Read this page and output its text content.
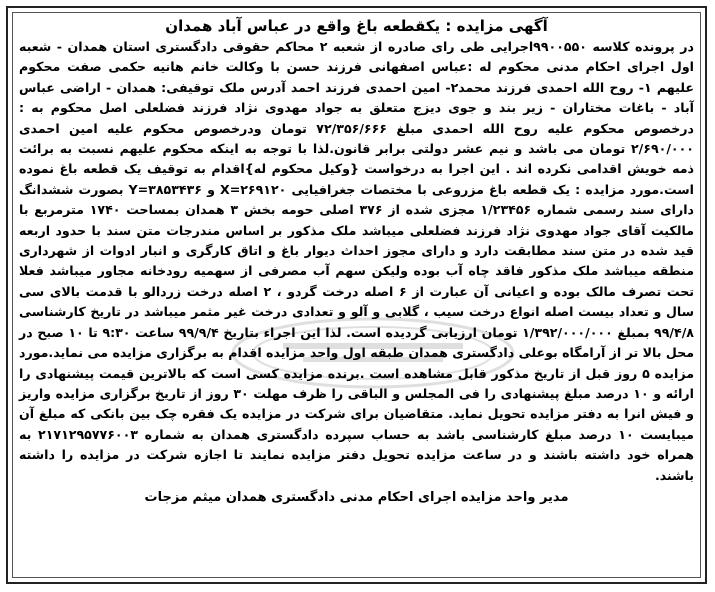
آگهی مزایده : یکقطعه باغ واقع در عباس آباد همدان

در پرونده کلاسه ۹۹۰۰۵۵۰اجرایی طی رای صادره از شعبه ۲ محاکم حقوقی دادگستری استان همدان - شعبه اول اجرای احکام مدنی محکوم له :عباس اصفهانی فرزند حسن با وکالت خانم هانیه حکمی صفت محکوم علیهم ۱- روح الله احمدی فرزند محمد۲- امین احمدی فرزند احمد آدرس ملک توقیفی: همدان - اراضی عباس آباد - باغات مختاران - زیر بند و جوی دیزج متعلق به جواد مهدوی نژاد فرزند فضلعلی اصل محکوم به : درخصوص محکوم علیه روح الله احمدی مبلغ ۷۲/۳۵۶/۶۶۶ تومان ودرخصوص محکوم علیه امین احمدی ۲/۶۹۰/۰۰۰ تومان می باشد و نیم عشر دولتی برابر قانون.لذا با توجه به اینکه محکوم علیهم نسبت به برائت ذمه خویش اقدامی نکرده اند . این اجرا به درخواست {وکیل محکوم له}اقدام به توقیف یک قطعه باغ نموده است.مورد مزایده : یک قطعه باغ مزروعی با مختصات جغرافیایی X=۲۶۹۱۲۰ و Y=۳۸۵۳۴۳۶ بصورت ششدانگ دارای سند رسمی شماره ۱/۲۳۴۵۶ مجزی شده از ۳۷۶ اصلی حومه بخش ۳ همدان بمساحت ۱۷۴۰ مترمربع با مالکیت آقای جواد مهدوی نژاد فرزند فضلعلی میباشد ملک مذکور بر اساس مندرجات متن سند با حدود اربعه قید شده در متن سند مطابقت دارد و دارای مجوز احداث دیوار باغ و اتاق کارگری و انبار ادوات از شهرداری منطقه میباشد ملک مذکور فاقد چاه آب بوده ولیکن سهم آب مصرفی از سهمیه رودخانه مجاور میباشد فعلا تحت تصرف مالک بوده و اعیانی آن عبارت از ۶ اصله درخت گردو ، ۲ اصله درخت زردالو با قدمت بالای سی سال و تعداد بیست اصله انواع درخت سیب ، گلابی و آلو و تعدادی درخت غیر مثمر میباشد در تاریخ کارشناسی ۹۹/۴/۸ بمبلغ ۱/۳۹۲/۰۰۰/۰۰۰ تومان ارزیابی گردیده است. لذا این اجراء بتاریخ ۹۹/۹/۴ ساعت ۹:۳۰ تا ۱۰ صبح در محل بالا تر از آرامگاه بوعلی دادگستری همدان طبقه اول واحد مزایده اقدام به برگزاری مزایده می نماید.مورد مزایده ۵ روز قبل از تاریخ مذکور قابل مشاهده است .برنده مزایده کسی است که بالاترین قیمت پیشنهادی را ارائه و ۱۰ درصد مبلغ پیشنهادی را فی المجلس و الباقی را ظرف مهلت ۳۰ روز از تاریخ برگزاری مزایده واریز و فیش انرا به دفتر مزایده تحویل نماید. متقاضیان برای شرکت در مزایده یک فقره چک بین بانکی که مبلغ آن میبایست ۱۰ درصد مبلغ کارشناسی باشد به حساب سپرده دادگستری همدان به شماره ۲۱۷۱۲۹۵۷۷۶۰۰۳ به همراه خود داشته باشند و در ساعت مزایده تحویل دفتر مزایده نمایند تا اجازه شرکت در مزایده را داشته باشند.

مدیر واحد مزایده اجرای احکام مدنی دادگستری همدان میثم مزجات
